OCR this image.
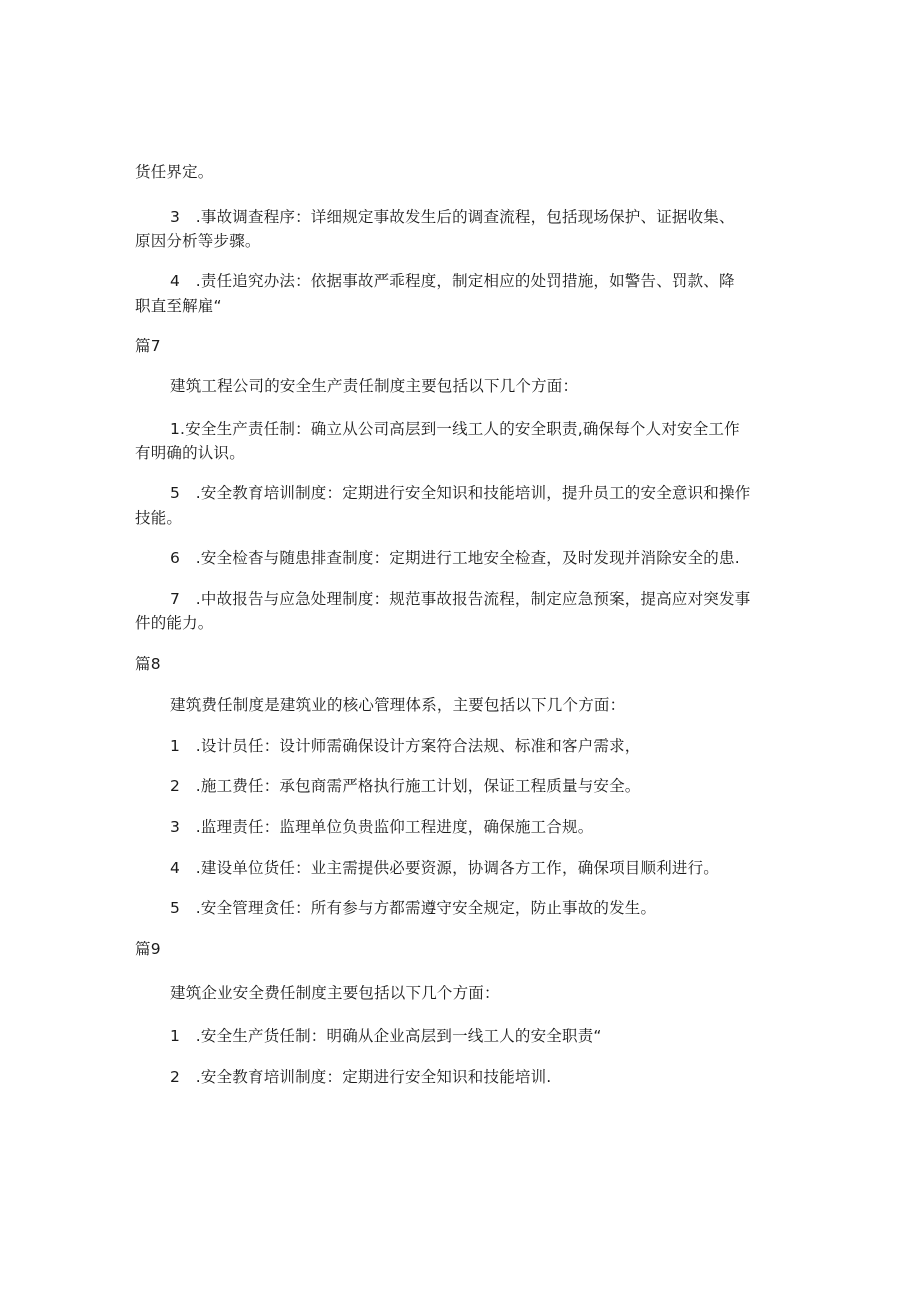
货任界定。
3　.事故调查程序：详细规定事故发生后的调查流程，包括现场保护、证据收集、
原因分析等步骤。
4　.责任追究办法：依据事故严乖程度，制定相应的处罚措施，如警告、罚款、降
职直至解雇“
篇7
建筑工程公司的安全生产责任制度主要包括以下几个方面：
1.安全生产责任制：确立从公司高层到一线工人的安全职责,确保每个人对安全工作
有明确的认识。
5　.安全教育培训制度：定期进行安全知识和技能培训，提升员工的安全意识和操作
技能。
6　.安全检杳与随患排查制度：定期进行工地安全检查，及时发现并消除安全的患.
7　.中故报告与应急处理制度：规范事故报告流程，制定应急预案，提高应对突发事
件的能力。
篇8
建筑费任制度是建筑业的核心管理体系，主要包括以下几个方面：
1　.设计员任：设计师需确保设计方案符合法规、标准和客户需求，
2　.施工费任：承包商需严格执行施工计划，保证工程质量与安全。
3　.监理责任：监理单位负贵监仰工程进度，确保施工合规。
4　.建设单位货任：业主需提供必要资源，协调各方工作，确保项目顺利进行。
5　.安全管理贪任：所有参与方都需遵守安全规定，防止事故的发生。
篇9
建筑企业安全费任制度主要包括以下几个方面：
1　.安全生产货任制：明确从企业高层到一线工人的安全职责“
2　.安全教育培训制度：定期进行安全知识和技能培训.
